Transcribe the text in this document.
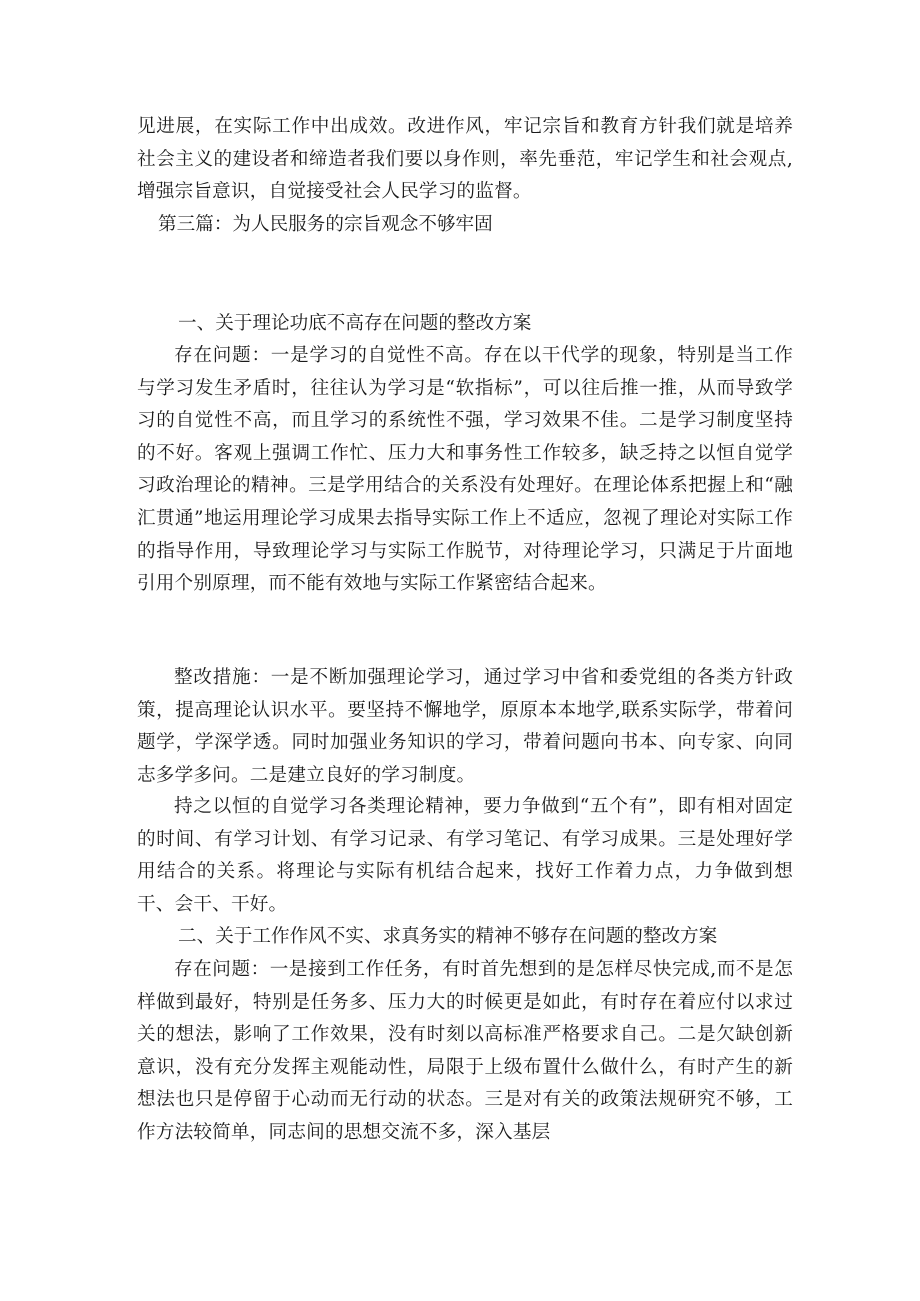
见进展，在实际工作中出成效。改进作风，牢记宗旨和教育方针我们就是培养社会主义的建设者和缔造者我们要以身作则，率先垂范，牢记学生和社会观点,增强宗旨意识，自觉接受社会人民学习的监督。

第三篇：为人民服务的宗旨观念不够牢固

一、关于理论功底不高存在问题的整改方案

存在问题：一是学习的自觉性不高。存在以干代学的现象，特别是当工作与学习发生矛盾时，往往认为学习是“软指标”，可以往后推一推，从而导致学习的自觉性不高，而且学习的系统性不强，学习效果不佳。二是学习制度坚持的不好。客观上强调工作忙、压力大和事务性工作较多，缺乏持之以恒自觉学习政治理论的精神。三是学用结合的关系没有处理好。在理论体系把握上和“融汇贯通”地运用理论学习成果去指导实际工作上不适应，忽视了理论对实际工作的指导作用，导致理论学习与实际工作脱节，对待理论学习，只满足于片面地引用个别原理，而不能有效地与实际工作紧密结合起来。

整改措施：一是不断加强理论学习，通过学习中省和委党组的各类方针政策，提高理论认识水平。要坚持不懈地学，原原本本地学,联系实际学，带着问题学，学深学透。同时加强业务知识的学习，带着问题向书本、向专家、向同志多学多问。二是建立良好的学习制度。

持之以恒的自觉学习各类理论精神，要力争做到“五个有”，即有相对固定的时间、有学习计划、有学习记录、有学习笔记、有学习成果。三是处理好学用结合的关系。将理论与实际有机结合起来，找好工作着力点，力争做到想干、会干、干好。

二、关于工作作风不实、求真务实的精神不够存在问题的整改方案

存在问题：一是接到工作任务，有时首先想到的是怎样尽快完成,而不是怎样做到最好，特别是任务多、压力大的时候更是如此，有时存在着应付以求过关的想法，影响了工作效果，没有时刻以高标准严格要求自己。二是欠缺创新意识，没有充分发挥主观能动性，局限于上级布置什么做什么，有时产生的新想法也只是停留于心动而无行动的状态。三是对有关的政策法规研究不够，工作方法较简单，同志间的思想交流不多，深入基层
